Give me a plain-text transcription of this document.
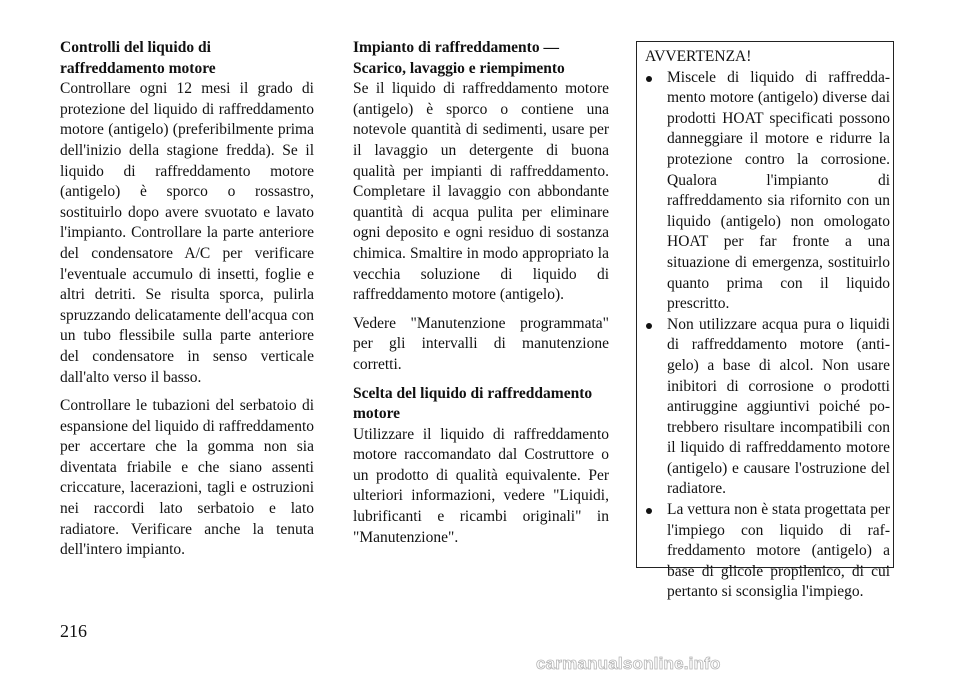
Controlli del liquido di raffreddamento motore

Controllare ogni 12 mesi il grado di protezione del liquido di raffreddamento motore (antigelo) (preferibilmente prima dell'inizio della stagione fredda). Se il liquido di raffreddamento motore (antigelo) è sporco o rossastro, sostituirlo dopo avere svuotato e lavato l'impianto. Controllare la parte anteriore del condensatore A/C per verificare l'eventuale accumulo di insetti, foglie e altri detriti. Se risulta sporca, pulirla spruzzando delicatamente dell'acqua con un tubo flessibile sulla parte anteriore del condensatore in senso verticale dall'alto verso il basso.

Controllare le tubazioni del serbatoio di espansione del liquido di raffreddamento per accertare che la gomma non sia diventata friabile e che siano assenti criccature, lacerazioni, tagli e ostruzioni nei raccordi lato serbatoio e lato radiatore. Verificare anche la tenuta dell'intero impianto.

Impianto di raffreddamento — Scarico, lavaggio e riempimento

Se il liquido di raffreddamento motore (antigelo) è sporco o contiene una notevole quantità di sedimenti, usare per il lavaggio un detergente di buona qualità per impianti di raffreddamento. Completare il lavaggio con abbondante quantità di acqua pulita per eliminare ogni deposito e ogni residuo di sostanza chimica. Smaltire in modo appropriato la vecchia soluzione di liquido di raffreddamento motore (antigelo).

Vedere "Manutenzione programmata" per gli intervalli di manutenzione corretti.

Scelta del liquido di raffreddamento motore

Utilizzare il liquido di raffreddamento motore raccomandato dal Costruttore o un prodotto di qualità equivalente. Per ulteriori informazioni, vedere "Liquidi, lubrificanti e ricambi originali" in "Manutenzione".

AVVERTENZA!

Miscele di liquido di raffreddamento motore (antigelo) diverse dai prodotti HOAT specificati possono danneggiare il motore e ridurre la protezione contro la corrosione. Qualora l'impianto di raffreddamento sia rifornito con un liquido (antigelo) non omologato HOAT per far fronte a una situazione di emergenza, sostituirlo quanto prima con il liquido prescritto.
Non utilizzare acqua pura o liquidi di raffreddamento motore (antigelo) a base di alcol. Non usare inibitori di corrosione o prodotti antiruggine aggiuntivi poiché potrebbero risultare incompatibili con il liquido di raffreddamento motore (antigelo) e causare l'ostruzione del radiatore.
La vettura non è stata progettata per l'impiego con liquido di raffreddamento motore (antigelo) a base di glicole propilenico, di cui pertanto si sconsiglia l'impiego.
216
carmanualsonline.info
